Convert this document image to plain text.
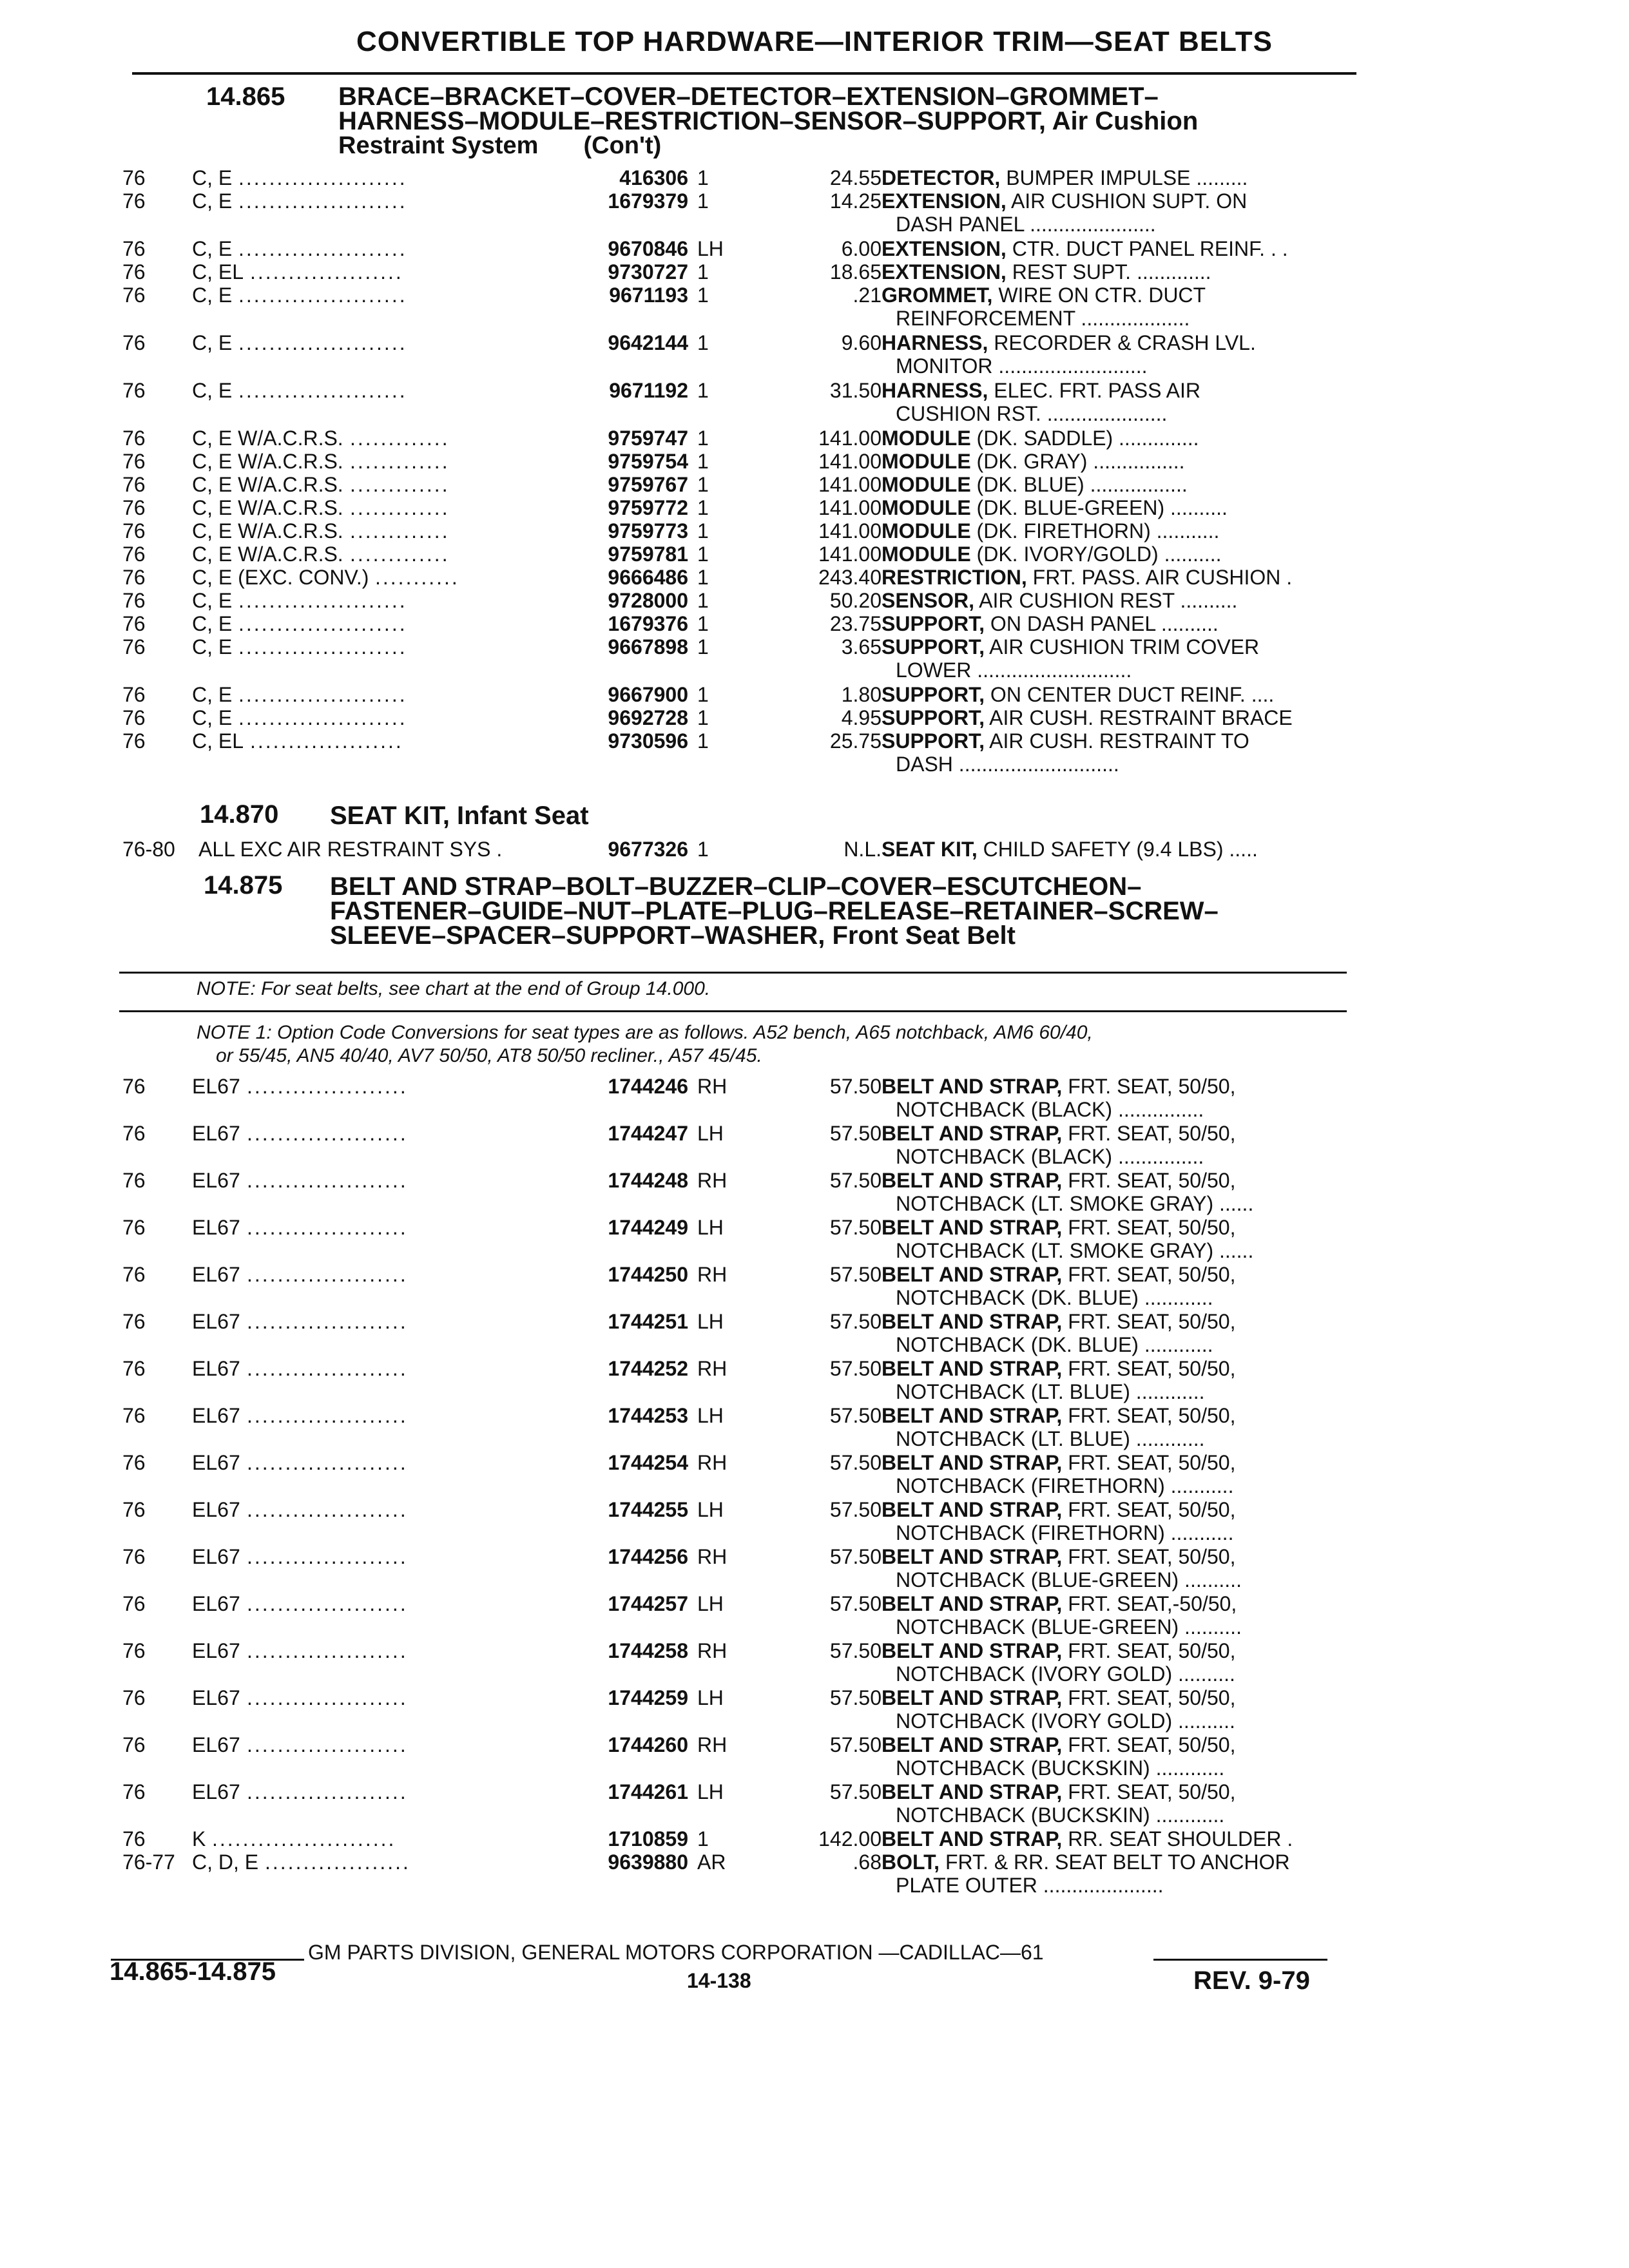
CONVERTIBLE TOP HARDWARE—INTERIOR TRIM—SEAT BELTS
14.865 BRACE–BRACKET–COVER–DETECTOR–EXTENSION–GROMMET–
HARNESS–MODULE–RESTRICTION–SENSOR–SUPPORT, Air Cushion
Restraint System (Con't)
76 C, E ......................	416306 1	24.55 DETECTOR, BUMPER IMPULSE .........
76 C, E ......................	1679379 1	14.25 EXTENSION, AIR CUSHION SUPT. ON
DASH PANEL ......................
76 C, E ......................	9670846 LH	6.00 EXTENSION, CTR. DUCT PANEL REINF. . .
76 C, EL ....................	9730727 1	18.65 EXTENSION, REST SUPT. .............
76 C, E ......................	9671193 1	.21 GROMMET, WIRE ON CTR. DUCT
REINFORCEMENT ...................
76 C, E ......................	9642144 1	9.60 HARNESS, RECORDER & CRASH LVL.
MONITOR ..........................
76 C, E ......................	9671192 1	31.50 HARNESS, ELEC. FRT. PASS AIR
CUSHION RST. .....................
76 C, E W/A.C.R.S. .............	9759747 1	141.00 MODULE (DK. SADDLE) ..............
76 C, E W/A.C.R.S. .............	9759754 1	141.00 MODULE (DK. GRAY) ................
76 C, E W/A.C.R.S. .............	9759767 1	141.00 MODULE (DK. BLUE) .................
76 C, E W/A.C.R.S. .............	9759772 1	141.00 MODULE (DK. BLUE-GREEN) ..........
76 C, E W/A.C.R.S. .............	9759773 1	141.00 MODULE (DK. FIRETHORN) ...........
76 C, E W/A.C.R.S. .............	9759781 1	141.00 MODULE (DK. IVORY/GOLD) ..........
76 C, E (EXC. CONV.) ...........	9666486 1	243.40 RESTRICTION, FRT. PASS. AIR CUSHION .
76 C, E ......................	9728000 1	50.20 SENSOR, AIR CUSHION REST ..........
76 C, E ......................	1679376 1	23.75 SUPPORT, ON DASH PANEL ..........
76 C, E ......................	9667898 1	3.65 SUPPORT, AIR CUSHION TRIM COVER
LOWER ...........................
76 C, E ......................	9667900 1	1.80 SUPPORT, ON CENTER DUCT REINF. ....
76 C, E ......................	9692728 1	4.95 SUPPORT, AIR CUSH. RESTRAINT BRACE
76 C, EL ....................	9730596 1	25.75 SUPPORT, AIR CUSH. RESTRAINT TO
DASH ............................
14.870 SEAT KIT, Infant Seat
76-80 ALL EXC AIR RESTRAINT SYS .	9677326 1	N.L. SEAT KIT, CHILD SAFETY (9.4 LBS) .....
14.875 BELT AND STRAP–BOLT–BUZZER–CLIP–COVER–ESCUTCHEON–
FASTENER–GUIDE–NUT–PLATE–PLUG–RELEASE–RETAINER–SCREW–
SLEEVE–SPACER–SUPPORT–WASHER, Front Seat Belt
NOTE: For seat belts, see chart at the end of Group 14.000.
NOTE 1: Option Code Conversions for seat types are as follows. A52 bench, A65 notchback, AM6 60/40,
or 55/45, AN5 40/40, AV7 50/50, AT8 50/50 recliner., A57 45/45.
76 EL67 .....................	1744246 RH	57.50 BELT AND STRAP, FRT. SEAT, 50/50,
NOTCHBACK (BLACK) ...............
76 EL67 .....................	1744247 LH	57.50 BELT AND STRAP, FRT. SEAT, 50/50,
NOTCHBACK (BLACK) ...............
76 EL67 .....................	1744248 RH	57.50 BELT AND STRAP, FRT. SEAT, 50/50,
NOTCHBACK (LT. SMOKE GRAY) ......
76 EL67 .....................	1744249 LH	57.50 BELT AND STRAP, FRT. SEAT, 50/50,
NOTCHBACK (LT. SMOKE GRAY) ......
76 EL67 .....................	1744250 RH	57.50 BELT AND STRAP, FRT. SEAT, 50/50,
NOTCHBACK (DK. BLUE) ............
76 EL67 .....................	1744251 LH	57.50 BELT AND STRAP, FRT. SEAT, 50/50,
NOTCHBACK (DK. BLUE) ............
76 EL67 .....................	1744252 RH	57.50 BELT AND STRAP, FRT. SEAT, 50/50,
NOTCHBACK (LT. BLUE) ............
76 EL67 .....................	1744253 LH	57.50 BELT AND STRAP, FRT. SEAT, 50/50,
NOTCHBACK (LT. BLUE) ............
76 EL67 .....................	1744254 RH	57.50 BELT AND STRAP, FRT. SEAT, 50/50,
NOTCHBACK (FIRETHORN) ...........
76 EL67 .....................	1744255 LH	57.50 BELT AND STRAP, FRT. SEAT, 50/50,
NOTCHBACK (FIRETHORN) ...........
76 EL67 .....................	1744256 RH	57.50 BELT AND STRAP, FRT. SEAT, 50/50,
NOTCHBACK (BLUE-GREEN) ..........
76 EL67 .....................	1744257 LH	57.50 BELT AND STRAP, FRT. SEAT,-50/50,
NOTCHBACK (BLUE-GREEN) ..........
76 EL67 .....................	1744258 RH	57.50 BELT AND STRAP, FRT. SEAT, 50/50,
NOTCHBACK (IVORY GOLD) ..........
76 EL67 .....................	1744259 LH	57.50 BELT AND STRAP, FRT. SEAT, 50/50,
NOTCHBACK (IVORY GOLD) ..........
76 EL67 .....................	1744260 RH	57.50 BELT AND STRAP, FRT. SEAT, 50/50,
NOTCHBACK (BUCKSKIN) ............
76 EL67 .....................	1744261 LH	57.50 BELT AND STRAP, FRT. SEAT, 50/50,
NOTCHBACK (BUCKSKIN) ............
76 K ........................	1710859 1	142.00 BELT AND STRAP, RR. SEAT SHOULDER .
76-77 C, D, E ...................	9639880 AR	.68 BOLT, FRT. & RR. SEAT BELT TO ANCHOR
PLATE OUTER .....................
GM PARTS DIVISION, GENERAL MOTORS CORPORATION —CADILLAC—61
14.865-14.875	14-138	REV. 9-79
